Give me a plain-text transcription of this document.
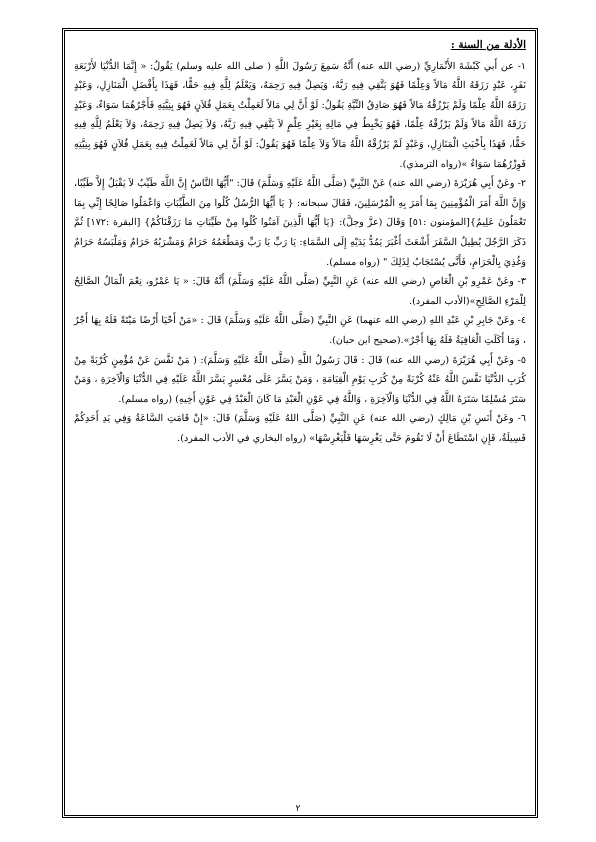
الأدلة من السنة :

١- عن أَبي كَبْشَةَ الأَنْمَارِيِّ (رضي الله عنه) أَنَّهُ سَمِعَ رَسُولَ اللَّهِ ( صلى الله عليه وسلم) يَقُولُ: « إِنَّمَا الدُّنْيَا لأَرْبَعَةِ نَفَرٍ، عَبْدٍ رَزَقَهُ اللَّهُ مَالاً وَعِلْمًا فَهُوَ يَتَّقِي فِيهِ رَبَّهُ، وَيَصِلُ فِيهِ رَحِمَهُ، وَيَعْلَمُ لِلَّهِ فِيهِ حَقًّا، فَهَذَا بِأَفْضَلِ الْمَنَازِلِ، وَعَبْدٍ رَزَقَهُ اللَّهُ عِلْمًا وَلَمْ يَرْزُقْهُ مَالاً فَهُوَ صَادِقُ النِّيَّةِ يَقُولُ: لَوْ أَنَّ لِي مَالاً لَعَمِلْتُ بِعَمَلِ فُلاَنٍ فَهُوَ بِنِيَّتِهِ فَأَجْرُهُمَا سَوَاءٌ، وَعَبْدٍ رَزَقَهُ اللَّهُ مَالاً وَلَمْ يَرْزُقْهُ عِلْمًا، فَهُوَ يَخْبِطُ فِي مَالِهِ بِغَيْرِ عِلْمٍ لاَ يَتَّقِي فِيهِ رَبَّهُ، وَلاَ يَصِلُ فِيهِ رَحِمَهُ، وَلاَ يَعْلَمُ لِلَّهِ فِيهِ حَقًّا، فَهَذَا بِأَخْبَثِ الْمَنَازِلِ، وَعَبْدٍ لَمْ يَرْزُقْهُ اللَّهُ مَالاً وَلاَ عِلْمًا فَهُوَ يَقُولُ: لَوْ أَنَّ لِي مَالاً لَعَمِلْتُ فِيهِ بِعَمَلِ فُلاَنٍ فَهُوَ بِنِيَّتِهِ فَوِزْرُهُمَا سَوَاءٌ »(رواه الترمذي).

٢- وعَنْ أَبِي هُرَيْرَةَ (رضي الله عنه) عَنْ النَّبِيِّ (صَلَّى اللَّهُ عَلَيْهِ وَسَلَّمَ) قَالَ: "أَيُّهَا النَّاسُ إِنَّ اللَّهَ طَيِّبٌ لاَ يَقْبَلُ إِلاَّ طَيِّبًا، وَإِنَّ اللَّهَ أَمَرَ الْمُؤْمِنِينَ بِمَا أَمَرَ بِهِ الْمُرْسَلِينَ، فَقَالَ سبحانه: { يَا أَيُّهَا الرُّسُلُ كُلُوا مِنَ الطَّيِّبَاتِ وَاعْمَلُوا صَالِحًا إِنِّي بِمَا تَعْمَلُونَ عَلِيمٌ}[المؤمنون :٥١] وَقَالَ (عزَّ وجلَّ): {يَا أَيُّهَا الَّذِينَ آمَنُوا كُلُوا مِنْ طَيِّبَاتِ مَا رَزَقْنَاكُمْ} [البقرة :١٧٢] ثُمَّ ذَكَرَ الرَّجُلَ يُطِيلُ السَّفَرَ أَشْعَثَ أَغْبَرَ يَمُدُّ يَدَيْهِ إِلَى السَّمَاءِ: يَا رَبِّ يَا رَبِّ وَمَطْعَمُهُ حَرَامٌ وَمَشْرَبُهُ حَرَامٌ وَمَلْبَسُهُ حَرَامٌ وَغُذِيَ بِالْحَرَامِ، فَأَنَّى يُسْتَجَابُ لِذَلِكَ " (رواه مسلم).

٣- وعَنْ عَمْرِو بْنِ الْعَاصِ (رضي الله عنه) عَنِ النَّبِيِّ (صَلَّى اللَّهُ عَلَيْهِ وَسَلَّمَ) أَنَّهُ قَالَ: « يَا عَمْرُو، نِعْمَ الْمَالُ الصَّالِحُ لِلْمَرْءِ الصَّالِحِ»(الأدب المفرد).

٤- وعَنْ جَابِرِ بْنِ عَبْدِ اللهِ (رضي الله عنهما) عَنِ النَّبِيِّ (صَلَّى اللَّهُ عَلَيْهِ وَسَلَّمَ) قَالَ : «مَنْ أَحْيَا أَرْضًا مَيْتَةً فَلَهُ بِهَا أَجْرٌ ، وَمَا أَكَلَتِ الْعَافِيَةُ فَلَهُ بِهَا أَجْرٌ».(صحيح ابن حبان).

٥- وعَنْ أَبِي هُرَيْرَةَ (رضي الله عنه) قَالَ : قَالَ رَسُولُ اللَّهِ (صَلَّى اللَّهُ عَلَيْهِ وَسَلَّمَ): ( مَنْ نَفَّسَ عَنْ مُؤْمِنٍ كُرْبَةً مِنْ كُرَبِ الدُّنْيَا نَفَّسَ اللَّهُ عَنْهُ كُرْبَةً مِنْ كُرَبِ يَوْمِ الْقِيَامَةِ ، وَمَنْ يَسَّرَ عَلَى مُعْسِرٍ يَسَّرَ اللَّهُ عَلَيْهِ فِي الدُّنْيَا وَالْآخِرَةِ ، وَمَنْ سَتَرَ مُسْلِمًا سَتَرَهُ اللَّهُ فِي الدُّنْيَا وَالْآخِرَةِ ، وَاللَّهُ فِي عَوْنِ الْعَبْدِ مَا كَانَ الْعَبْدُ فِي عَوْنِ أَخِيهِ) (رواه مسلم).

٦- وعَنْ أَنَسِ بْنِ مَالِكٍ (رضي الله عنه) عَنِ النَّبِيِّ (صَلَّى اللهُ عَلَيْهِ وَسَلَّمَ) قَالَ: «إِنْ قَامَتِ السَّاعَةُ وَفِي يَدِ أَحَدِكُمْ فَسِيلَةٌ، فَإِنِ اسْتَطَاعَ أَنْ لَا تَقُومَ حَتَّى يَغْرِسَهَا فَلْيَغْرِسْهَا» (رواه البخاري في الأدب المفرد).

٢
